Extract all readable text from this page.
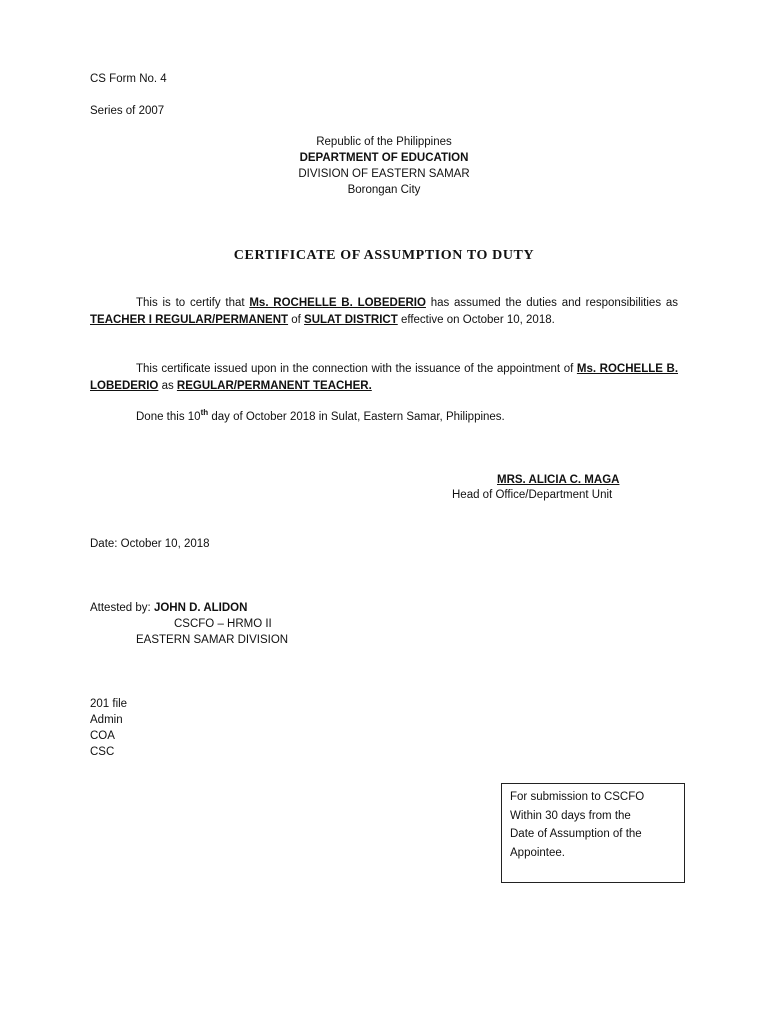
CS Form No. 4
Series of 2007
Republic of the Philippines
DEPARTMENT OF EDUCATION
DIVISION OF EASTERN SAMAR
Borongan City
CERTIFICATE OF ASSUMPTION TO DUTY
This is to certify that Ms. ROCHELLE B. LOBEDERIO has assumed the duties and responsibilities as TEACHER I REGULAR/PERMANENT of SULAT DISTRICT effective on October 10, 2018.
This certificate issued upon in the connection with the issuance of the appointment of Ms. ROCHELLE B. LOBEDERIO as REGULAR/PERMANENT TEACHER.
Done this 10th day of October 2018 in Sulat, Eastern Samar, Philippines.
MRS. ALICIA C. MAGA
Head of Office/Department Unit
Date: October 10, 2018
Attested by: JOHN D. ALIDON
CSCFO – HRMO II
EASTERN SAMAR DIVISION
201 file
Admin
COA
CSC
For submission to CSCFO
Within 30 days from the
Date of Assumption of the
Appointee.
